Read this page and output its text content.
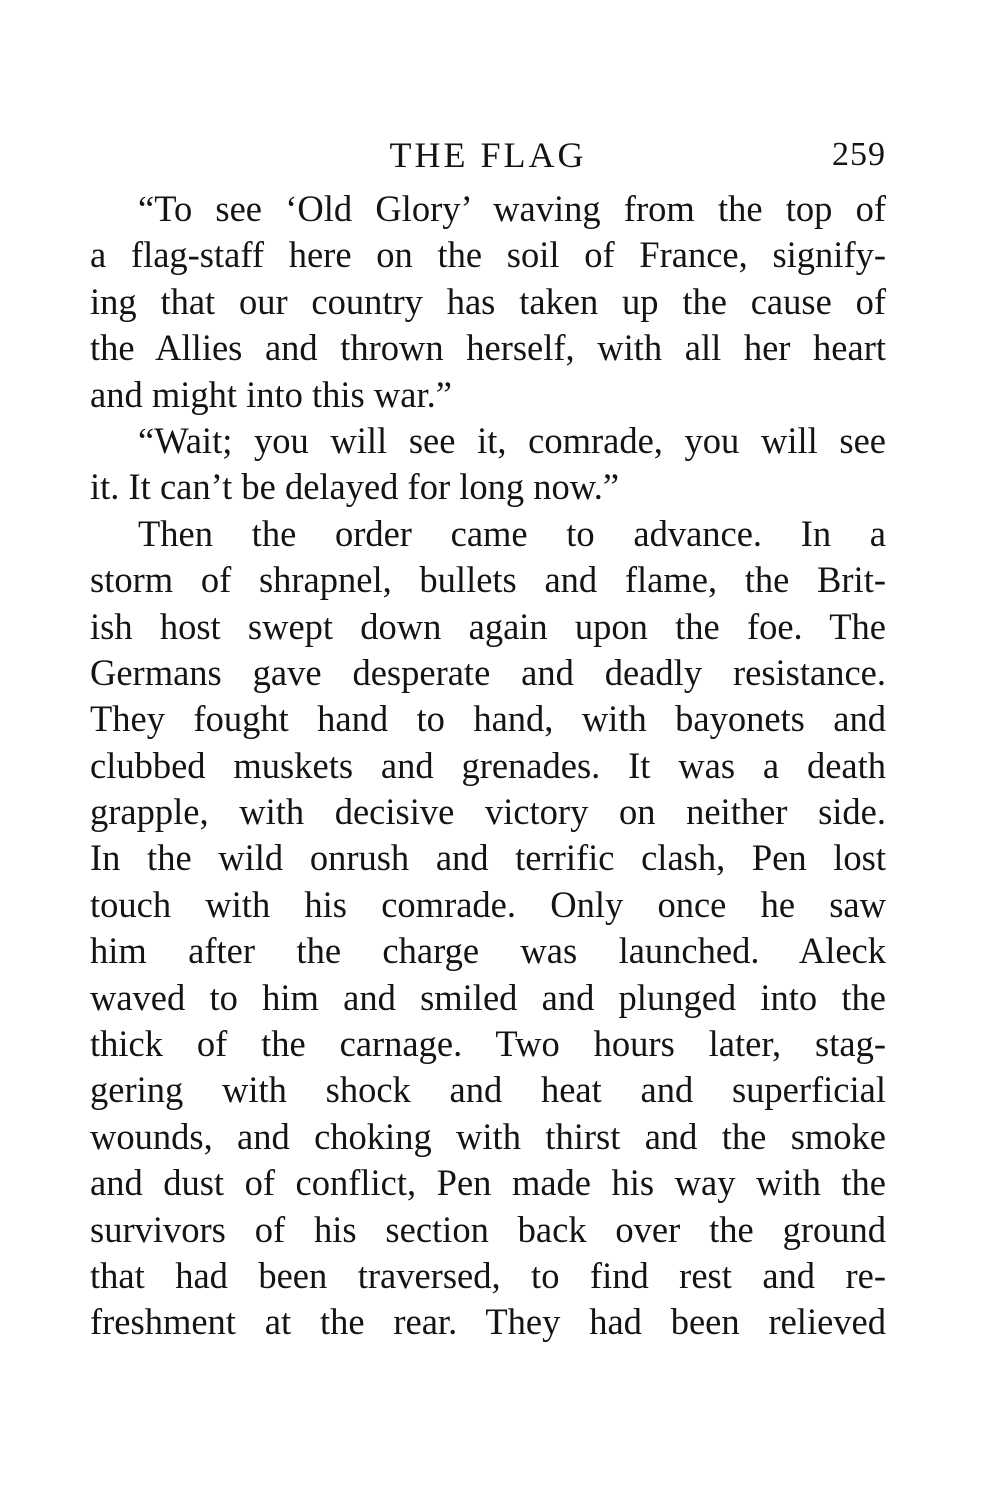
THE FLAG	259
“To see ‘Old Glory’ waving from the top of
a flag-staff here on the soil of France, signify-
ing that our country has taken up the cause of
the Allies and thrown herself, with all her heart
and might into this war.”
“Wait; you will see it, comrade, you will see
it. It can’t be delayed for long now.”
Then the order came to advance. In a
storm of shrapnel, bullets and flame, the Brit-
ish host swept down again upon the foe. The
Germans gave desperate and deadly resistance.
They fought hand to hand, with bayonets and
clubbed muskets and grenades. It was a death
grapple, with decisive victory on neither side.
In the wild onrush and terrific clash, Pen lost
touch with his comrade. Only once he saw
him after the charge was launched. Aleck
waved to him and smiled and plunged into the
thick of the carnage. Two hours later, stag-
gering with shock and heat and superficial
wounds, and choking with thirst and the smoke
and dust of conflict, Pen made his way with the
survivors of his section back over the ground
that had been traversed, to find rest and re-
freshment at the rear. They had been relieved
